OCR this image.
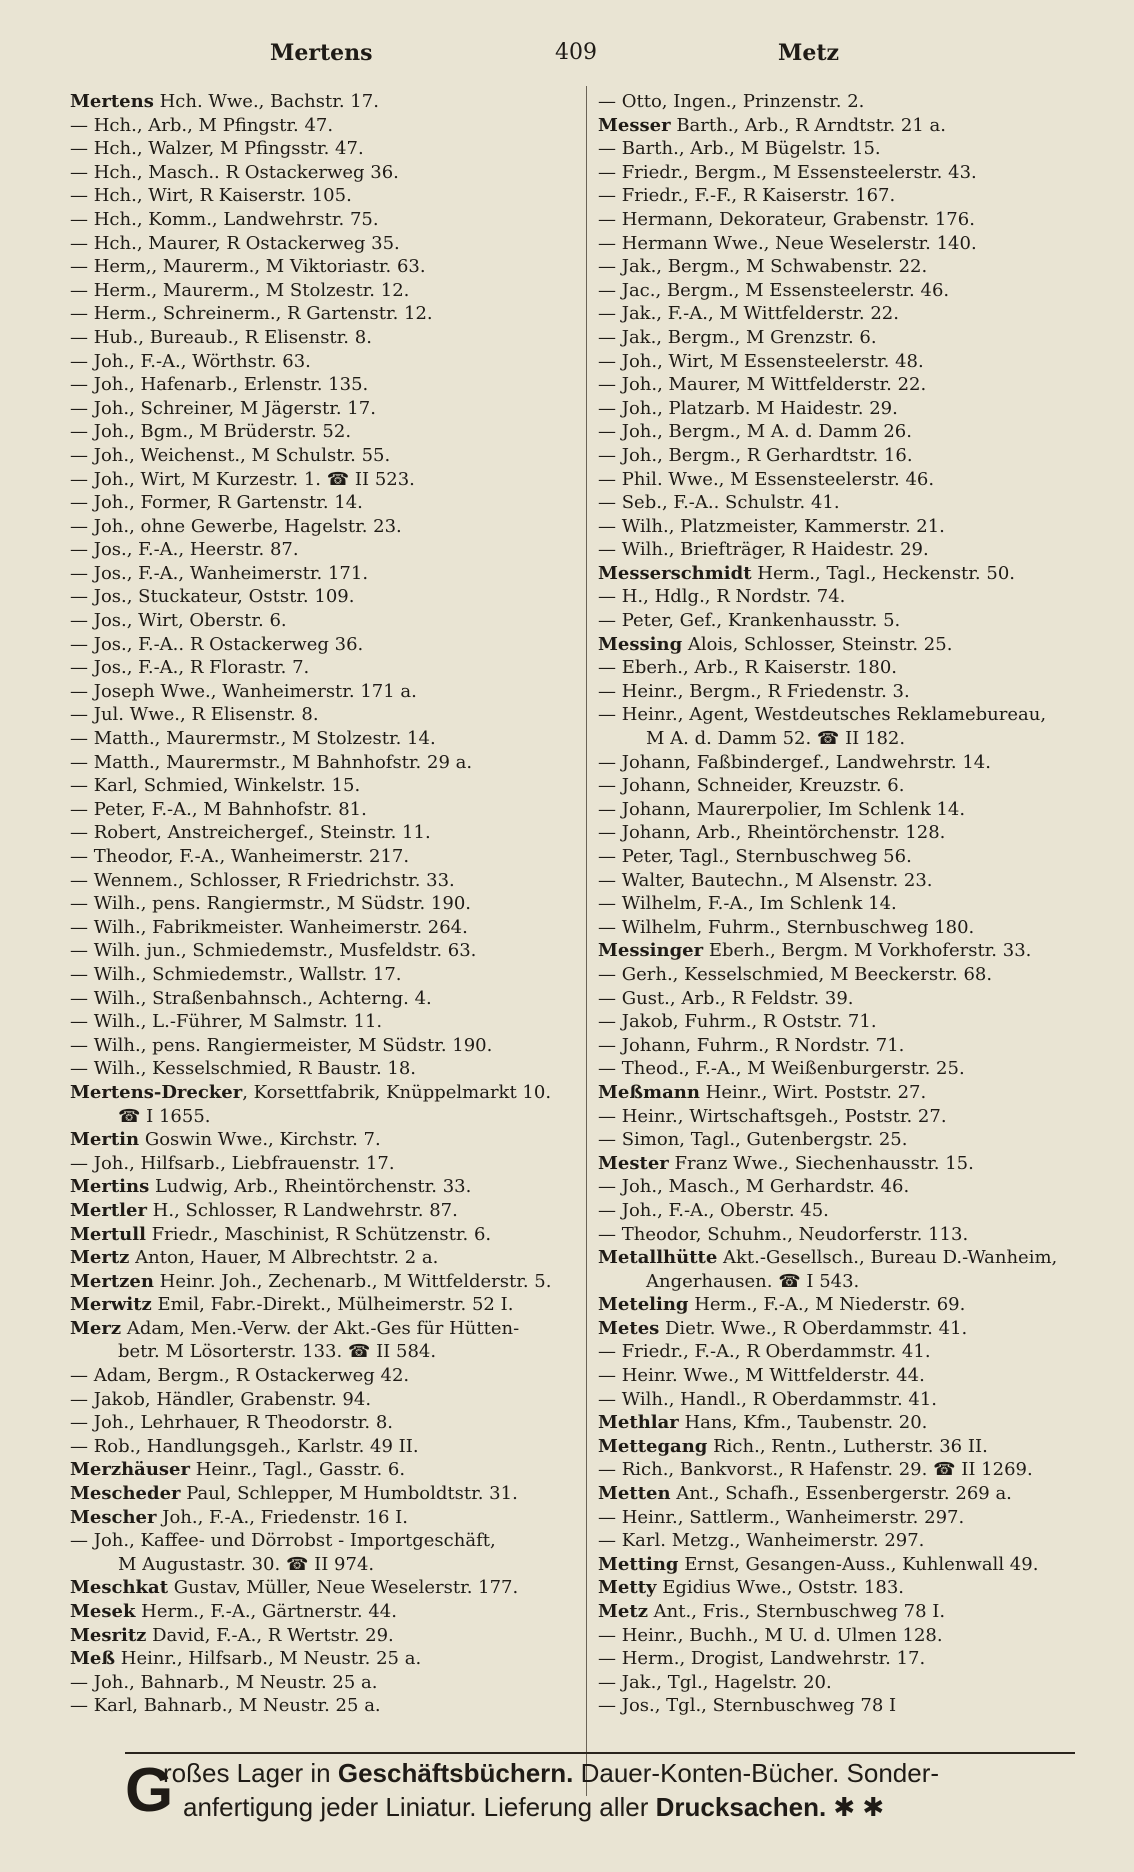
Mertens	409	Metz
Mertens Hch. Wwe., Bachstr. 17.
— Hch., Arb., M Pfingstr. 47.
— Hch., Walzer, M Pfingsstr. 47.
— Hch., Masch.. R Ostackerweg 36.
— Hch., Wirt, R Kaiserstr. 105.
— Hch., Komm., Landwehrstr. 75.
— Hch., Maurer, R Ostackerweg 35.
— Herm,, Maurerm., M Viktoriastr. 63.
— Herm., Maurerm., M Stolzestr. 12.
— Herm., Schreinerm., R Gartenstr. 12.
— Hub., Bureaub., R Elisenstr. 8.
— Joh., F.-A., Wörthstr. 63.
— Joh., Hafenarb., Erlenstr. 135.
— Joh., Schreiner, M Jägerstr. 17.
— Joh., Bgm., M Brüderstr. 52.
— Joh., Weichenst., M Schulstr. 55.
— Joh., Wirt, M Kurzestr. 1. ☎ II 523.
— Joh., Former, R Gartenstr. 14.
— Joh., ohne Gewerbe, Hagelstr. 23.
— Jos., F.-A., Heerstr. 87.
— Jos., F.-A., Wanheimerstr. 171.
— Jos., Stuckateur, Oststr. 109.
— Jos., Wirt, Oberstr. 6.
— Jos., F.-A.. R Ostackerweg 36.
— Jos., F.-A., R Florastr. 7.
— Joseph Wwe., Wanheimerstr. 171 a.
— Jul. Wwe., R Elisenstr. 8.
— Matth., Maurermstr., M Stolzestr. 14.
— Matth., Maurermstr., M Bahnhofstr. 29 a.
— Karl, Schmied, Winkelstr. 15.
— Peter, F.-A., M Bahnhofstr. 81.
— Robert, Anstreichergef., Steinstr. 11.
— Theodor, F.-A., Wanheimerstr. 217.
— Wennem., Schlosser, R Friedrichstr. 33.
— Wilh., pens. Rangiermstr., M Südstr. 190.
— Wilh., Fabrikmeister. Wanheimerstr. 264.
— Wilh. jun., Schmiedemstr., Musfeldstr. 63.
— Wilh., Schmiedemstr., Wallstr. 17.
— Wilh., Straßenbahnsch., Achterng. 4.
— Wilh., L.-Führer, M Salmstr. 11.
— Wilh., pens. Rangiermeister, M Südstr. 190.
— Wilh., Kesselschmied, R Baustr. 18.
Mertens-Drecker, Korsettfabrik, Knüppelmarkt 10.
☎ I 1655.
Mertin Goswin Wwe., Kirchstr. 7.
— Joh., Hilfsarb., Liebfrauenstr. 17.
Mertins Ludwig, Arb., Rheintörchenstr. 33.
Mertler H., Schlosser, R Landwehrstr. 87.
Mertull Friedr., Maschinist, R Schützenstr. 6.
Mertz Anton, Hauer, M Albrechtstr. 2 a.
Mertzen Heinr. Joh., Zechenarb., M Wittfelderstr. 5.
Merwitz Emil, Fabr.-Direkt., Mülheimerstr. 52 I.
Merz Adam, Men.-Verw. der Akt.-Ges für Hütten-
betr. M Lösorterstr. 133. ☎ II 584.
— Adam, Bergm., R Ostackerweg 42.
— Jakob, Händler, Grabenstr. 94.
— Joh., Lehrhauer, R Theodorstr. 8.
— Rob., Handlungsgeh., Karlstr. 49 II.
Merzhäuser Heinr., Tagl., Gasstr. 6.
Mescheder Paul, Schlepper, M Humboldtstr. 31.
Mescher Joh., F.-A., Friedenstr. 16 I.
— Joh., Kaffee- und Dörrobst - Importgeschäft,
M Augustastr. 30. ☎ II 974.
Meschkat Gustav, Müller, Neue Weselerstr. 177.
Mesek Herm., F.-A., Gärtnerstr. 44.
Mesritz David, F.-A., R Wertstr. 29.
Meß Heinr., Hilfsarb., M Neustr. 25 a.
— Joh., Bahnarb., M Neustr. 25 a.
— Karl, Bahnarb., M Neustr. 25 a.
— Otto, Ingen., Prinzenstr. 2.
Messer Barth., Arb., R Arndtstr. 21 a.
— Barth., Arb., M Bügelstr. 15.
— Friedr., Bergm., M Essensteelerstr. 43.
— Friedr., F.-F., R Kaiserstr. 167.
— Hermann, Dekorateur, Grabenstr. 176.
— Hermann Wwe., Neue Weselerstr. 140.
— Jak., Bergm., M Schwabenstr. 22.
— Jac., Bergm., M Essensteelerstr. 46.
— Jak., F.-A., M Wittfelderstr. 22.
— Jak., Bergm., M Grenzstr. 6.
— Joh., Wirt, M Essensteelerstr. 48.
— Joh., Maurer, M Wittfelderstr. 22.
— Joh., Platzarb. M Haidestr. 29.
— Joh., Bergm., M A. d. Damm 26.
— Joh., Bergm., R Gerhardtstr. 16.
— Phil. Wwe., M Essensteelerstr. 46.
— Seb., F.-A.. Schulstr. 41.
— Wilh., Platzmeister, Kammerstr. 21.
— Wilh., Briefträger, R Haidestr. 29.
Messerschmidt Herm., Tagl., Heckenstr. 50.
— H., Hdlg., R Nordstr. 74.
— Peter, Gef., Krankenhausstr. 5.
Messing Alois, Schlosser, Steinstr. 25.
— Eberh., Arb., R Kaiserstr. 180.
— Heinr., Bergm., R Friedenstr. 3.
— Heinr., Agent, Westdeutsches Reklamebureau,
M A. d. Damm 52. ☎ II 182.
— Johann, Faßbindergef., Landwehrstr. 14.
— Johann, Schneider, Kreuzstr. 6.
— Johann, Maurerpolier, Im Schlenk 14.
— Johann, Arb., Rheintörchenstr. 128.
— Peter, Tagl., Sternbuschweg 56.
— Walter, Bautechn., M Alsenstr. 23.
— Wilhelm, F.-A., Im Schlenk 14.
— Wilhelm, Fuhrm., Sternbuschweg 180.
Messinger Eberh., Bergm. M Vorkhoferstr. 33.
— Gerh., Kesselschmied, M Beeckerstr. 68.
— Gust., Arb., R Feldstr. 39.
— Jakob, Fuhrm., R Oststr. 71.
— Johann, Fuhrm., R Nordstr. 71.
— Theod., F.-A., M Weißenburgerstr. 25.
Meßmann Heinr., Wirt. Poststr. 27.
— Heinr., Wirtschaftsgeh., Poststr. 27.
— Simon, Tagl., Gutenbergstr. 25.
Mester Franz Wwe., Siechenhausstr. 15.
— Joh., Masch., M Gerhardstr. 46.
— Joh., F.-A., Oberstr. 45.
— Theodor, Schuhm., Neudorferstr. 113.
Metallhütte Akt.-Gesellsch., Bureau D.-Wanheim,
Angerhausen. ☎ I 543.
Meteling Herm., F.-A., M Niederstr. 69.
Metes Dietr. Wwe., R Oberdammstr. 41.
— Friedr., F.-A., R Oberdammstr. 41.
— Heinr. Wwe., M Wittfelderstr. 44.
— Wilh., Handl., R Oberdammstr. 41.
Methlar Hans, Kfm., Taubenstr. 20.
Mettegang Rich., Rentn., Lutherstr. 36 II.
— Rich., Bankvorst., R Hafenstr. 29. ☎ II 1269.
Metten Ant., Schafh., Essenbergerstr. 269 a.
— Heinr., Sattlerm., Wanheimerstr. 297.
— Karl. Metzg., Wanheimerstr. 297.
Metting Ernst, Gesangen-Auss., Kuhlenwall 49.
Metty Egidius Wwe., Oststr. 183.
Metz Ant., Fris., Sternbuschweg 78 I.
— Heinr., Buchh., M U. d. Ulmen 128.
— Herm., Drogist, Landwehrstr. 17.
— Jak., Tgl., Hagelstr. 20.
— Jos., Tgl., Sternbuschweg 78 I
G
roßes Lager in Geschäftsbüchern. Dauer-Konten-Bücher. Sonder-
anfertigung jeder Liniatur. Lieferung aller Drucksachen. ✱ ✱
